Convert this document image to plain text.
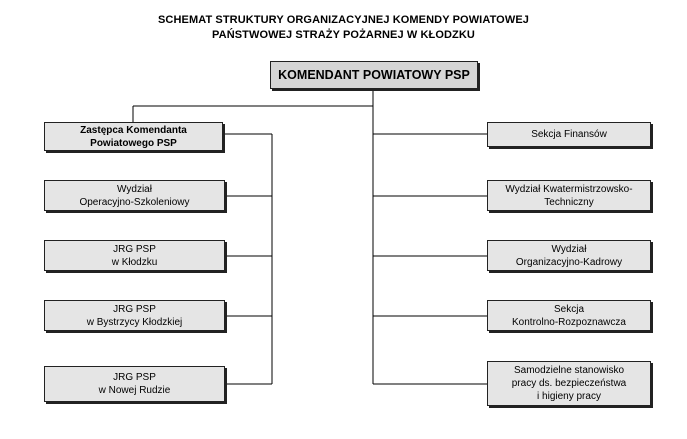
SCHEMAT STRUKTURY ORGANIZACYJNEJ KOMENDY POWIATOWEJ
PAŃSTWOWEJ STRAŻY POŻARNEJ W KŁODZKU
KOMENDANT POWIATOWY PSP
Zastępca Komendanta
Powiatowego PSP
Wydział
Operacyjno-Szkoleniowy
JRG PSP
w Kłodzku
JRG PSP
w Bystrzycy Kłodzkiej
JRG PSP
w Nowej Rudzie
Sekcja Finansów
Wydział Kwatermistrzowsko-
Techniczny
Wydział
Organizacyjno-Kadrowy
Sekcja
Kontrolno-Rozpoznawcza
Samodzielne stanowisko
pracy ds. bezpieczeństwa
i higieny pracy
